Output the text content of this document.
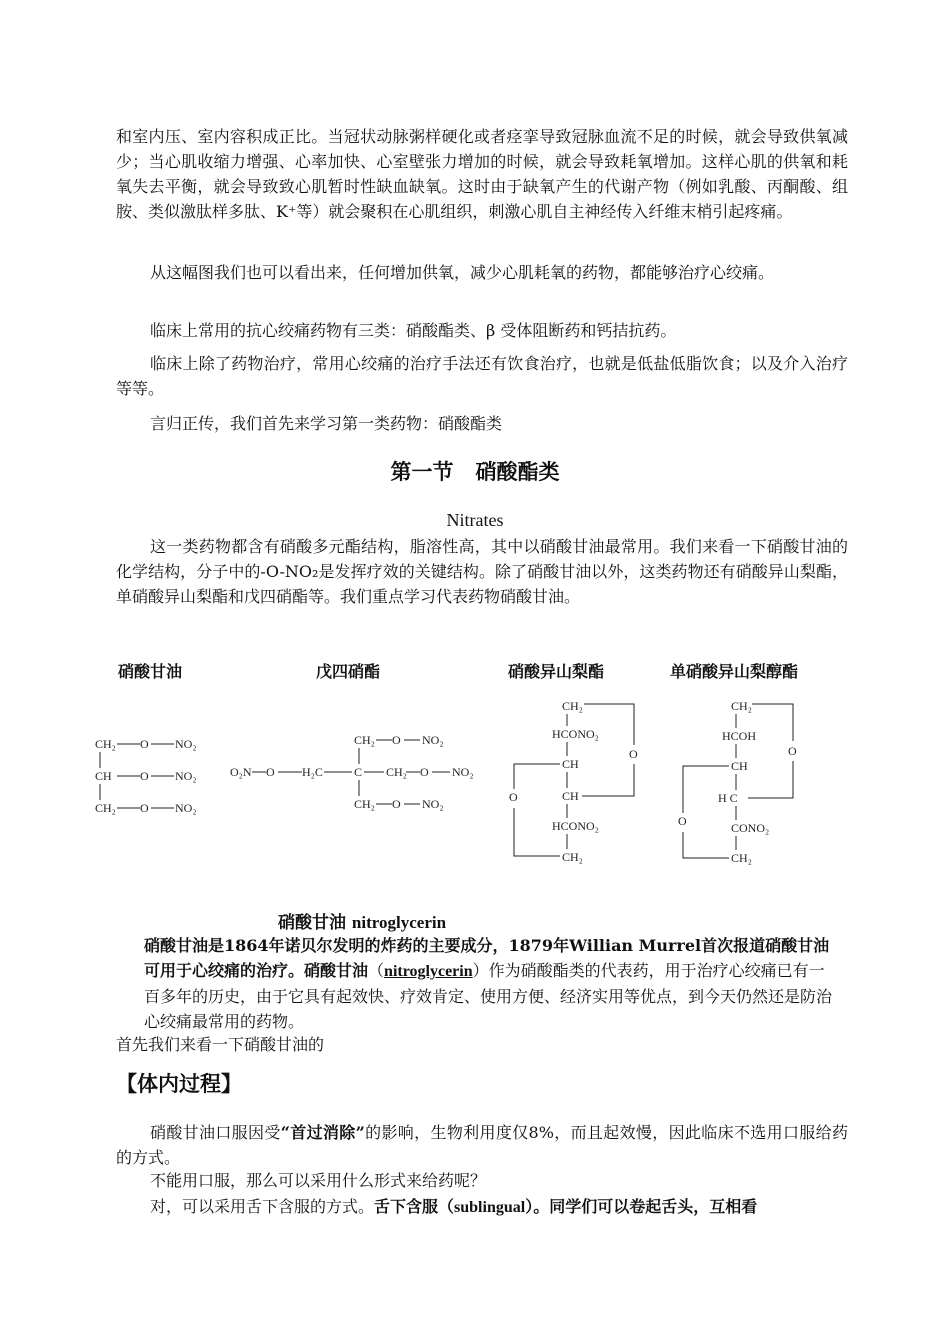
和室内压、室内容积成正比。当冠状动脉粥样硬化或者痉挛导致冠脉血流不足的时候，就会导致供氧减少；当心肌收缩力增强、心率加快、心室壁张力增加的时候，就会导致耗氧增加。这样心肌的供氧和耗氧失去平衡，就会导致致心肌暂时性缺血缺氧。这时由于缺氧产生的代谢产物（例如乳酸、丙酮酸、组胺、类似激肽样多肽、K⁺等）就会聚积在心肌组织，刺激心肌自主神经传入纤维末梢引起疼痛。

从这幅图我们也可以看出来，任何增加供氧，减少心肌耗氧的药物，都能够治疗心绞痛。

临床上常用的抗心绞痛药物有三类：硝酸酯类、β 受体阻断药和钙拮抗药。

临床上除了药物治疗，常用心绞痛的治疗手法还有饮食治疗，也就是低盐低脂饮食；以及介入治疗等等。

言归正传，我们首先来学习第一类药物：硝酸酯类

第一节 硝酸酯类
Nitrates

这一类药物都含有硝酸多元酯结构，脂溶性高，其中以硝酸甘油最常用。我们来看一下硝酸甘油的化学结构，分子中的-O-NO₂是发挥疗效的关键结构。除了硝酸甘油以外，这类药物还有硝酸异山梨酯，单硝酸异山梨酯和戊四硝酯等。我们重点学习代表药物硝酸甘油。

硝酸甘油	戊四硝酯	硝酸异山梨酯	单硝酸异山梨醇酯
CH₂
CH
CH₂
O
O
O
NO₂
NO₂
NO₂
O₂N O H₂C	C CH₂ O NO₂
CH₂ O NO₂
CH₂ O NO₂
CH₂
HCONO₂
CH
CH
HCONO₂
CH₂
O
O
CH₂
HCOH
CH
H C
CONO₂
CH₂
O
O
硝酸甘油 nitroglycerin
硝酸甘油是1864年诺贝尔发明的炸药的主要成分，1879年Willian Murrel首次报道硝酸甘油可用于心绞痛的治疗。硝酸甘油（nitroglycerin）作为硝酸酯类的代表药，用于治疗心绞痛已有一百多年的历史，由于它具有起效快、疗效肯定、使用方便、经济实用等优点，到今天仍然还是防治心绞痛最常用的药物。

首先我们来看一下硝酸甘油的

【体内过程】

硝酸甘油口服因受“首过消除”的影响，生物利用度仅8%，而且起效慢，因此临床不选用口服给药的方式。

不能用口服，那么可以采用什么形式来给药呢？

对，可以采用舌下含服的方式。舌下含服（sublingual）。同学们可以卷起舌头，互相看
